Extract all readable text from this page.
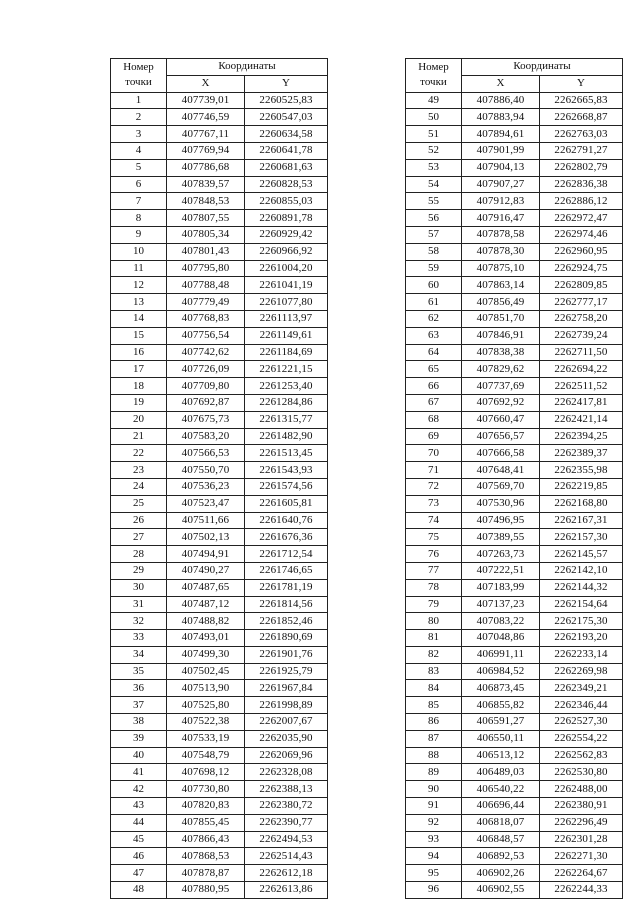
Номер
точки	Координаты	
	X	Y
1	407739,01	2260525,83
2	407746,59	2260547,03
3	407767,11	2260634,58
4	407769,94	2260641,78
5	407786,68	2260681,63
6	407839,57	2260828,53
7	407848,53	2260855,03
8	407807,55	2260891,78
9	407805,34	2260929,42
10	407801,43	2260966,92
11	407795,80	2261004,20
12	407788,48	2261041,19
13	407779,49	2261077,80
14	407768,83	2261113,97
15	407756,54	2261149,61
16	407742,62	2261184,69
17	407726,09	2261221,15
18	407709,80	2261253,40
19	407692,87	2261284,86
20	407675,73	2261315,77
21	407583,20	2261482,90
22	407566,53	2261513,45
23	407550,70	2261543,93
24	407536,23	2261574,56
25	407523,47	2261605,81
26	407511,66	2261640,76
27	407502,13	2261676,36
28	407494,91	2261712,54
29	407490,27	2261746,65
30	407487,65	2261781,19
31	407487,12	2261814,56
32	407488,82	2261852,46
33	407493,01	2261890,69
34	407499,30	2261901,76
35	407502,45	2261925,79
36	407513,90	2261967,84
37	407525,80	2261998,89
38	407522,38	2262007,67
39	407533,19	2262035,90
40	407548,79	2262069,96
41	407698,12	2262328,08
42	407730,80	2262388,13
43	407820,83	2262380,72
44	407855,45	2262390,77
45	407866,43	2262494,53
46	407868,53	2262514,43
47	407878,87	2262612,18
48	407880,95	2262613,86
Номер
точки	Координаты	
	X	Y
49	407886,40	2262665,83
50	407883,94	2262668,87
51	407894,61	2262763,03
52	407901,99	2262791,27
53	407904,13	2262802,79
54	407907,27	2262836,38
55	407912,83	2262886,12
56	407916,47	2262972,47
57	407878,58	2262974,46
58	407878,30	2262960,95
59	407875,10	2262924,75
60	407863,14	2262809,85
61	407856,49	2262777,17
62	407851,70	2262758,20
63	407846,91	2262739,24
64	407838,38	2262711,50
65	407829,62	2262694,22
66	407737,69	2262511,52
67	407692,92	2262417,81
68	407660,47	2262421,14
69	407656,57	2262394,25
70	407666,58	2262389,37
71	407648,41	2262355,98
72	407569,70	2262219,85
73	407530,96	2262168,80
74	407496,95	2262167,31
75	407389,55	2262157,30
76	407263,73	2262145,57
77	407222,51	2262142,10
78	407183,99	2262144,32
79	407137,23	2262154,64
80	407083,22	2262175,30
81	407048,86	2262193,20
82	406991,11	2262233,14
83	406984,52	2262269,98
84	406873,45	2262349,21
85	406855,82	2262346,44
86	406591,27	2262527,30
87	406550,11	2262554,22
88	406513,12	2262562,83
89	406489,03	2262530,80
90	406540,22	2262488,00
91	406696,44	2262380,91
92	406818,07	2262296,49
93	406848,57	2262301,28
94	406892,53	2262271,30
95	406902,26	2262264,67
96	406902,55	2262244,33
